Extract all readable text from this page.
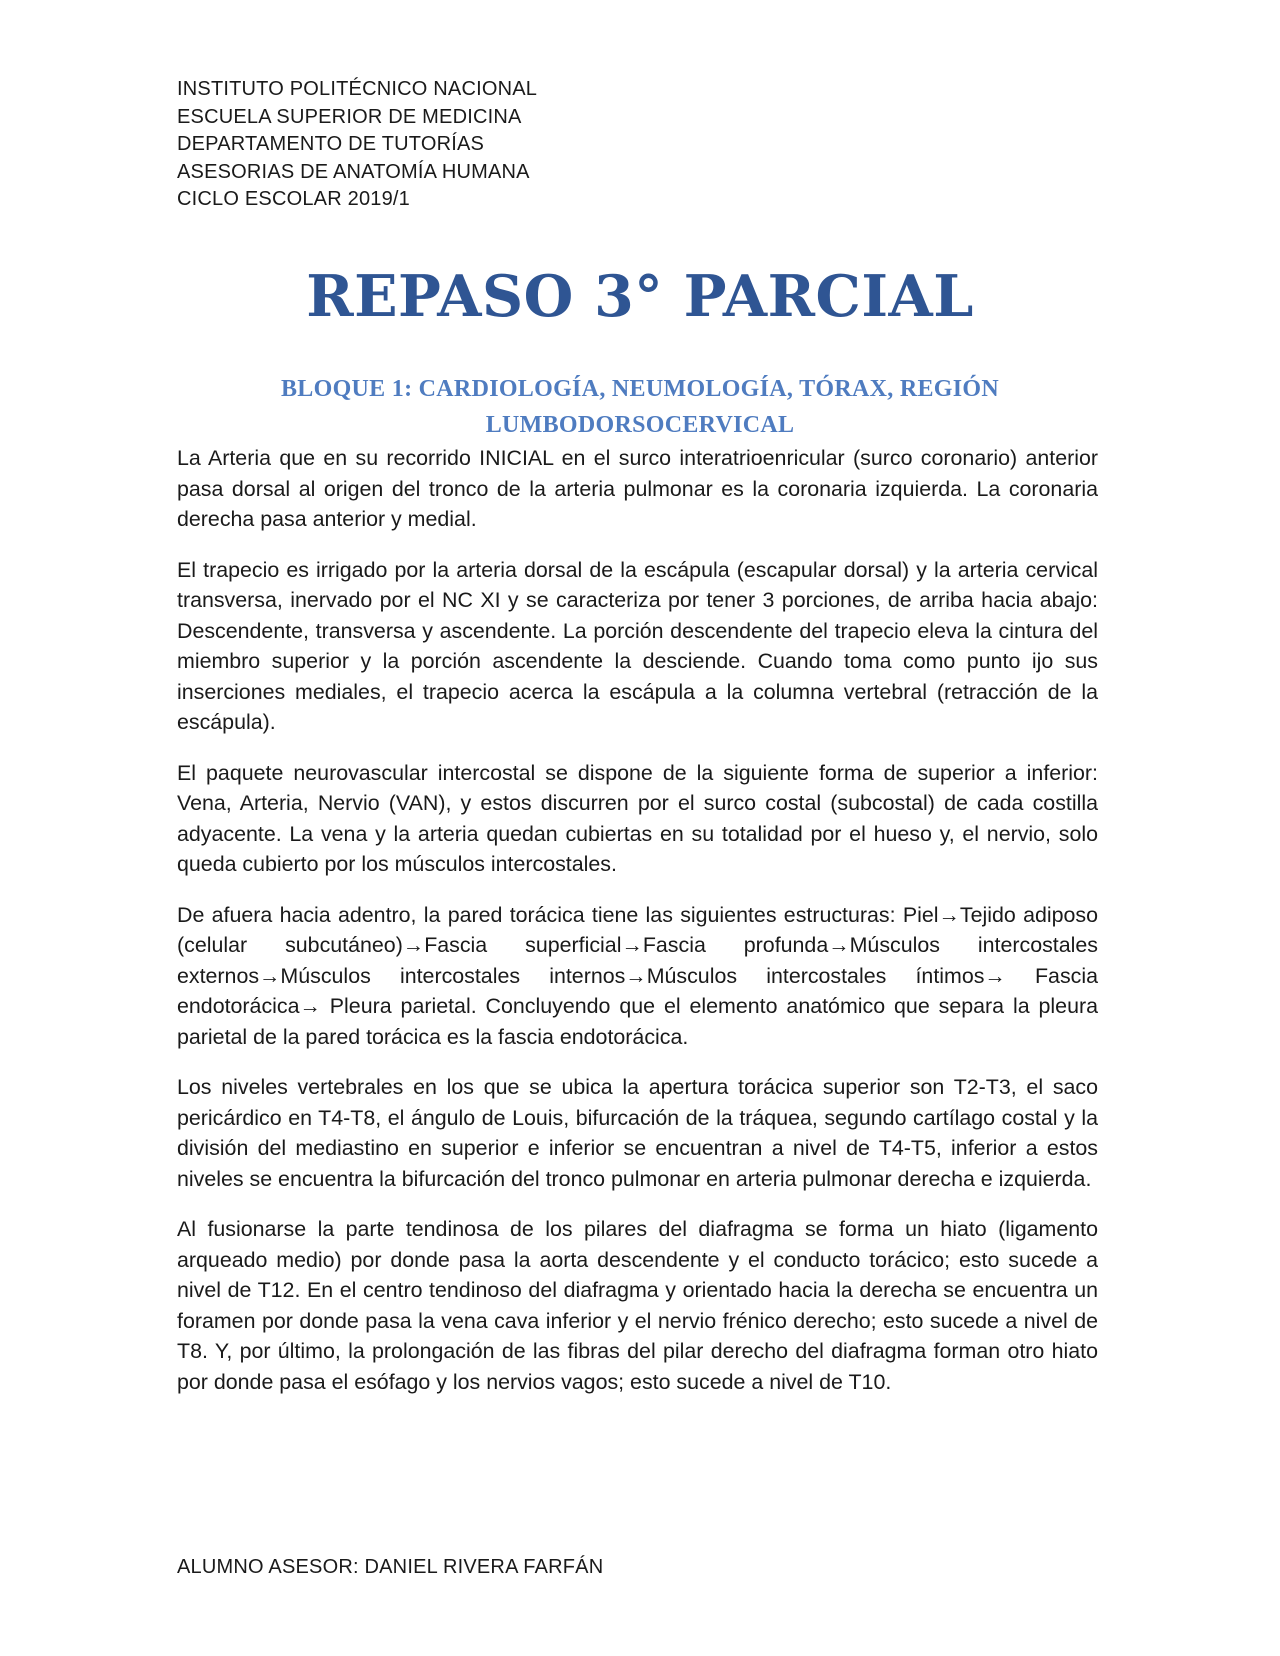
INSTITUTO POLITÉCNICO NACIONAL
ESCUELA SUPERIOR DE MEDICINA
DEPARTAMENTO DE TUTORÍAS
ASESORIAS DE ANATOMÍA HUMANA
CICLO ESCOLAR 2019/1
REPASO 3° PARCIAL
BLOQUE 1: CARDIOLOGÍA, NEUMOLOGÍA, TÓRAX, REGIÓN LUMBODORSOCERVICAL

La Arteria que en su recorrido INICIAL en el surco interatrioenricular (surco coronario) anterior pasa dorsal al origen del tronco de la arteria pulmonar es la coronaria izquierda. La coronaria derecha pasa anterior y medial.

El trapecio es irrigado por la arteria dorsal de la escápula (escapular dorsal) y la arteria cervical transversa, inervado por el NC XI y se caracteriza por tener 3 porciones, de arriba hacia abajo: Descendente, transversa y ascendente. La porción descendente del trapecio eleva la cintura del miembro superior y la porción ascendente la desciende. Cuando toma como punto ijo sus inserciones mediales, el trapecio acerca la escápula a la columna vertebral (retracción de la escápula).

El paquete neurovascular intercostal se dispone de la siguiente forma de superior a inferior: Vena, Arteria, Nervio (VAN), y estos discurren por el surco costal (subcostal) de cada costilla adyacente. La vena y la arteria quedan cubiertas en su totalidad por el hueso y, el nervio, solo queda cubierto por los músculos intercostales.

De afuera hacia adentro, la pared torácica tiene las siguientes estructuras: Piel→Tejido adiposo (celular subcutáneo)→Fascia superficial→Fascia profunda→Músculos intercostales externos→Músculos intercostales internos→Músculos intercostales íntimos→ Fascia endotorácica→ Pleura parietal. Concluyendo que el elemento anatómico que separa la pleura parietal de la pared torácica es la fascia endotorácica.

Los niveles vertebrales en los que se ubica la apertura torácica superior son T2-T3, el saco pericárdico en T4-T8, el ángulo de Louis, bifurcación de la tráquea, segundo cartílago costal y la división del mediastino en superior e inferior se encuentran a nivel de T4-T5, inferior a estos niveles se encuentra la bifurcación del tronco pulmonar en arteria pulmonar derecha e izquierda.

Al fusionarse la parte tendinosa de los pilares del diafragma se forma un hiato (ligamento arqueado medio) por donde pasa la aorta descendente y el conducto torácico; esto sucede a nivel de T12. En el centro tendinoso del diafragma y orientado hacia la derecha se encuentra un foramen por donde pasa la vena cava inferior y el nervio frénico derecho; esto sucede a nivel de T8. Y, por último, la prolongación de las fibras del pilar derecho del diafragma forman otro hiato por donde pasa el esófago y los nervios vagos; esto sucede a nivel de T10.

ALUMNO ASESOR: DANIEL RIVERA FARFÁN
